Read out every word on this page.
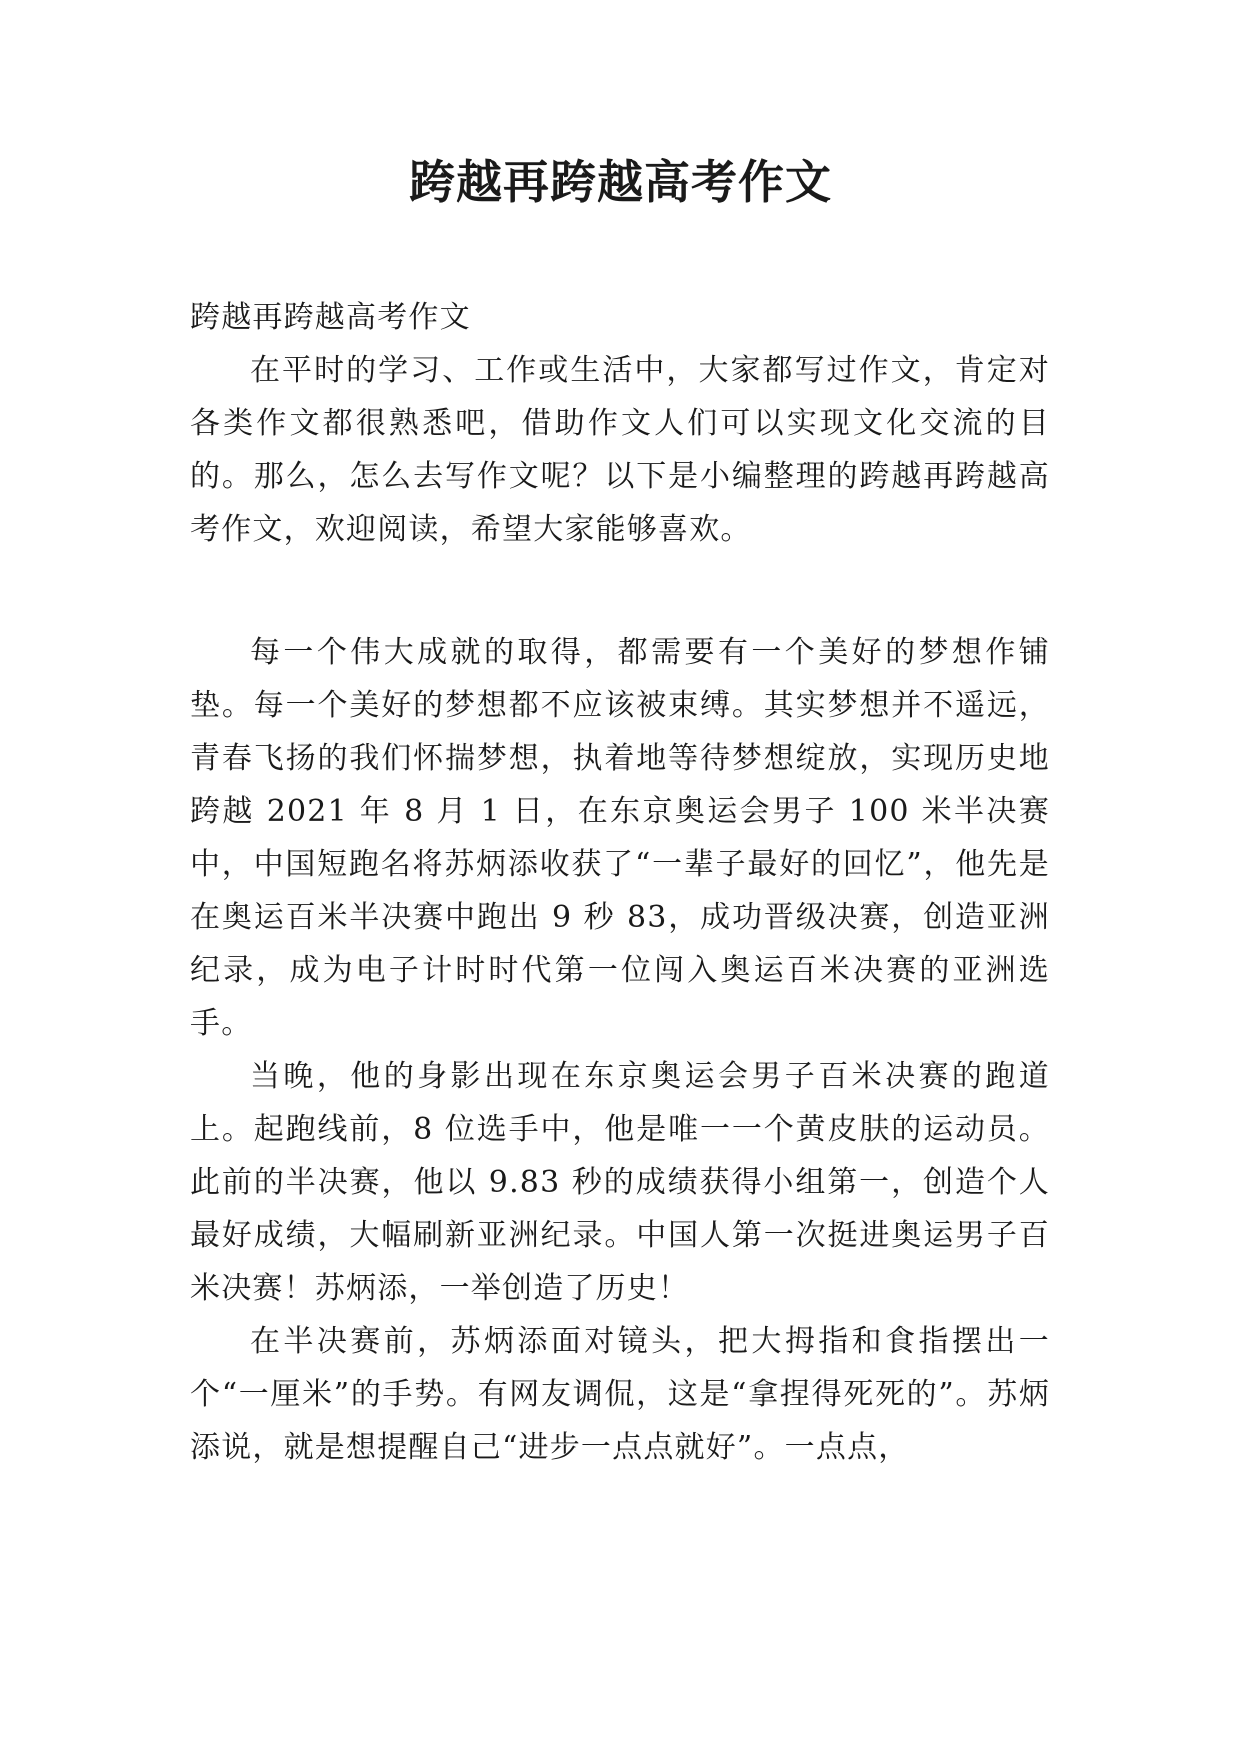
跨越再跨越高考作文

跨越再跨越高考作文

在平时的学习、工作或生活中，大家都写过作文，肯定对各类作文都很熟悉吧，借助作文人们可以实现文化交流的目的。那么，怎么去写作文呢？以下是小编整理的跨越再跨越高考作文，欢迎阅读，希望大家能够喜欢。

每一个伟大成就的取得，都需要有一个美好的梦想作铺垫。每一个美好的梦想都不应该被束缚。其实梦想并不遥远，青春飞扬的我们怀揣梦想，执着地等待梦想绽放，实现历史地跨越 2021 年 8 月 1 日，在东京奥运会男子 100 米半决赛中，中国短跑名将苏炳添收获了“一辈子最好的回忆”，他先是在奥运百米半决赛中跑出 9 秒 83，成功晋级决赛，创造亚洲纪录，成为电子计时时代第一位闯入奥运百米决赛的亚洲选手。

当晚，他的身影出现在东京奥运会男子百米决赛的跑道上。起跑线前，8 位选手中，他是唯一一个黄皮肤的运动员。此前的半决赛，他以 9.83 秒的成绩获得小组第一，创造个人最好成绩，大幅刷新亚洲纪录。中国人第一次挺进奥运男子百米决赛！苏炳添，一举创造了历史！

在半决赛前，苏炳添面对镜头，把大拇指和食指摆出一个“一厘米”的手势。有网友调侃，这是“拿捏得死死的”。苏炳添说，就是想提醒自己“进步一点点就好”。一点点，
